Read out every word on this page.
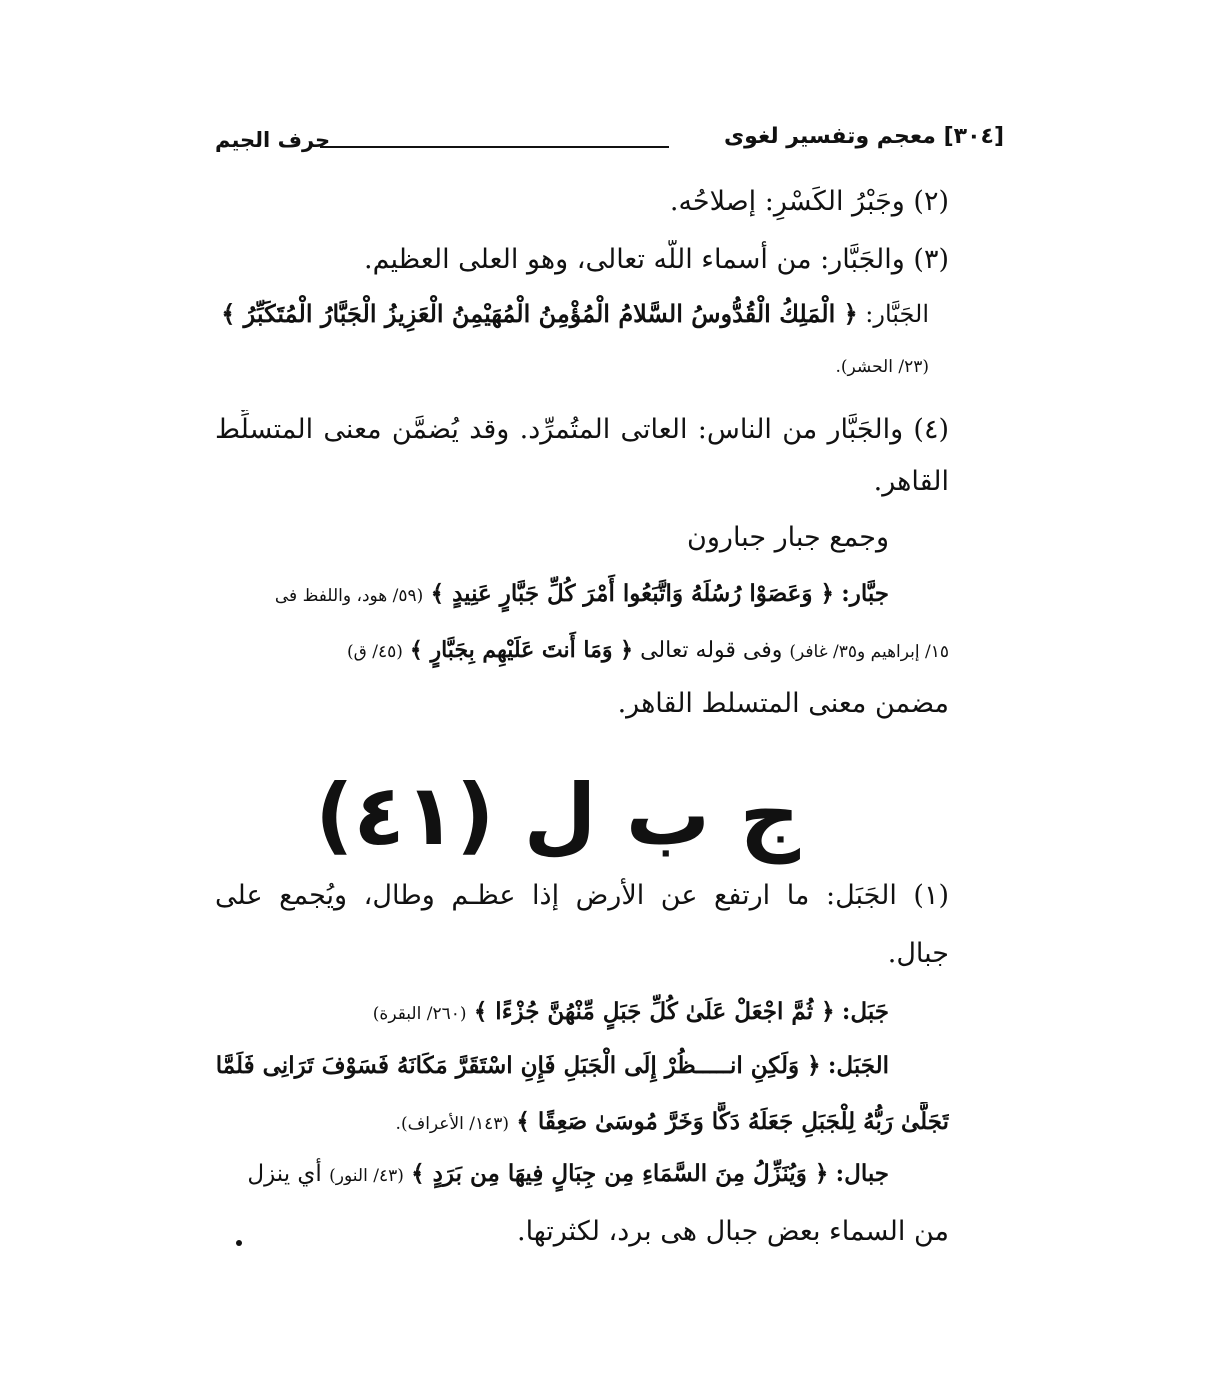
[٣٠٤] معجم وتفسير لغوى
حرف الجيم
(٢) وجَبْرُ الكَسْرِ: إصلاحُه.
(٣) والجَبَّار: من أسماء اللّه تعالى، وهو العلى العظيم.
الجَبَّار: ﴿ الْمَلِكُ الْقُدُّوسُ السَّلامُ الْمُؤْمِنُ الْمُهَيْمِنُ الْعَزِيزُ الْجَبَّارُ الْمُتَكَبِّرُ ﴾
(٢٣/ الحشر).
(٤) والجَبَّار من الناس: العاتى المتُمرِّد. وقد يُضمَّن معنى المتسلِّط
القاهر.
وجمع جبار جبارون
جبَّار: ﴿ وَعَصَوْا رُسُلَهُ وَاتَّبَعُوا أَمْرَ كُلِّ جَبَّارٍ عَنِيدٍ ﴾ (٥٩/ هود، واللفظ فى
١٥/ إبراهيم و٣٥/ غافر) وفى قوله تعالى ﴿ وَمَا أَنتَ عَلَيْهِم بِجَبَّارٍ ﴾ (٤٥/ ق)
مضمن معنى المتسلط القاهر.
ج ب ل (٤١)
(١) الجَبَل: ما ارتفع عن الأرض إذا عظـم وطال، ويُجمع على
جبال.
جَبَل: ﴿ ثُمَّ اجْعَلْ عَلَىٰ كُلِّ جَبَلٍ مِّنْهُنَّ جُزْءًا ﴾ (٢٦٠/ البقرة)
الجَبَل: ﴿ وَلَكِنِ انـــــظُرْ إِلَى الْجَبَلِ فَإِنِ اسْتَقَرَّ مَكَانَهُ فَسَوْفَ تَرَانِى فَلَمَّا
تَجَلَّىٰ رَبُّهُ لِلْجَبَلِ جَعَلَهُ دَكًّا وَخَرَّ مُوسَىٰ صَعِقًا ﴾ (١٤٣/ الأعراف).
جبال: ﴿ وَيُنَزِّلُ مِنَ السَّمَاءِ مِن جِبَالٍ فِيهَا مِن بَرَدٍ ﴾ (٤٣/ النور) أي ينزل
من السماء بعض جبال هى برد، لكثرتها.
